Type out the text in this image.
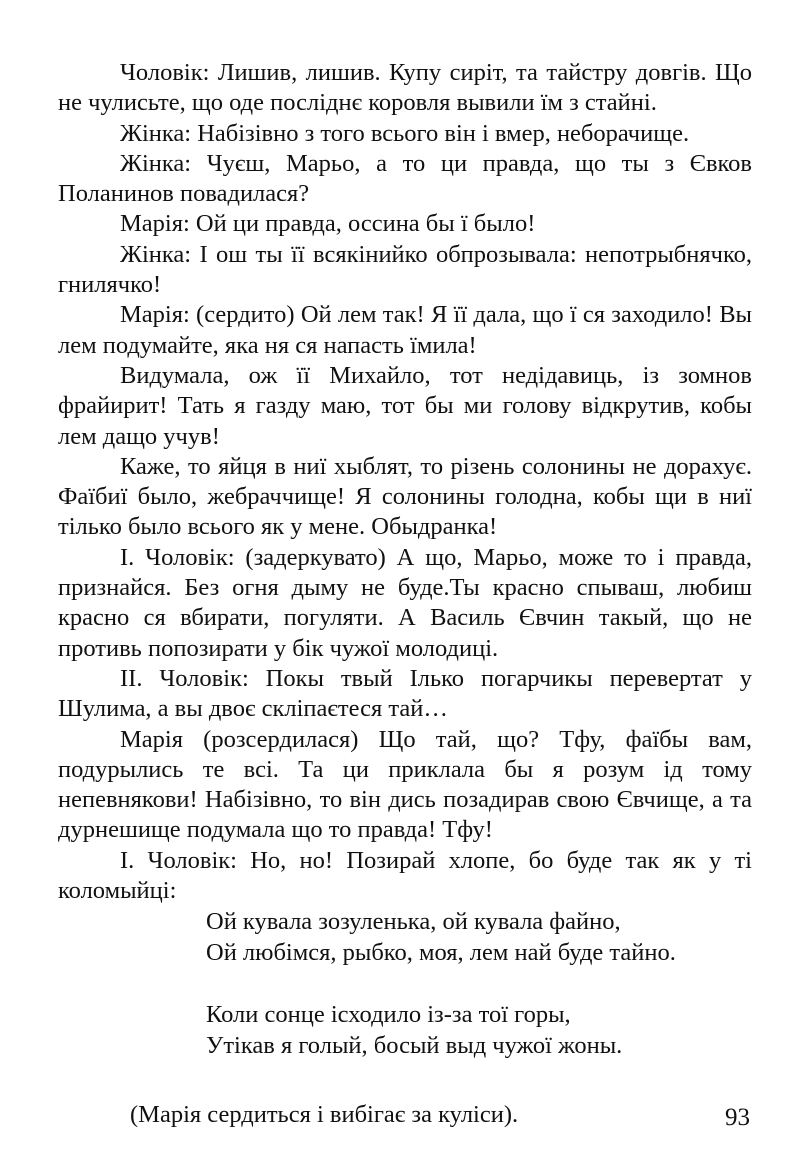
Чоловік: Лишив, лишив. Купу сиріт, та тайстру довгів. Що не чулисьте, що оде послiднє коровля вывили їм з стайні.

Жінка: Набізівно з того всього він і вмер, неборачище.

Жінка: Чуєш, Марьо, а то ци правда, що ты з Євков Поланинов повадилася?

Марія: Ой ци правда, оссина бы ї было!

Жінка: І ош ты її всякінийко обпрозывала: непотрыбнячко, гнилячко!

Марія: (сердито) Ой лем так! Я її дала, що ї ся заходило! Вы лем подумайте, яка ня ся напасть їмила!

Видумала, ож її Михайло, тот недідавиць, із зомнов фрайирит! Тать я газду маю, тот бы ми голову відкрутив, кобы лем дащо учув!

Каже, то яйця в ниї хыблят, то різень солонины не дорахує. Фаїбиї было, жебраччище! Я солонины голодна, кобы щи в ниї тілько было всього як у мене. Обыдранка!

І. Чоловік: (задеркувато) А що, Марьо, може то і правда, признайся. Без огня дыму не буде.Ты красно спываш, любиш красно ся вбирати, погуляти. А Василь Євчин такый, що не противь попозирати у бік чужої молодиці.

ІІ. Чоловік: Покы твый Ілько погарчикы перевертат у Шулима, а вы двоє скліпаєтеся тай…

Марія (розсердилася) Що тай, що? Тфу, фаїбы вам, подурылись те всі. Та ци приклала бы я розум ід тому непевнякови! Набізівно, то він дись позадирав свою Євчище, а та дурнешище подумала що то правда! Тфу!

І. Чоловік: Но, но! Позирай хлопе, бо буде так як у ті коломыйці:

Ой кувала зозуленька, ой кувала файно,
Ой любімся, рыбко, моя, лем най буде тайно.
Коли сонце ісходило із-за тої горы,
Утікав я голый, босый выд чужої жоны.
(Марія сердиться і вибігає за куліси).	93
